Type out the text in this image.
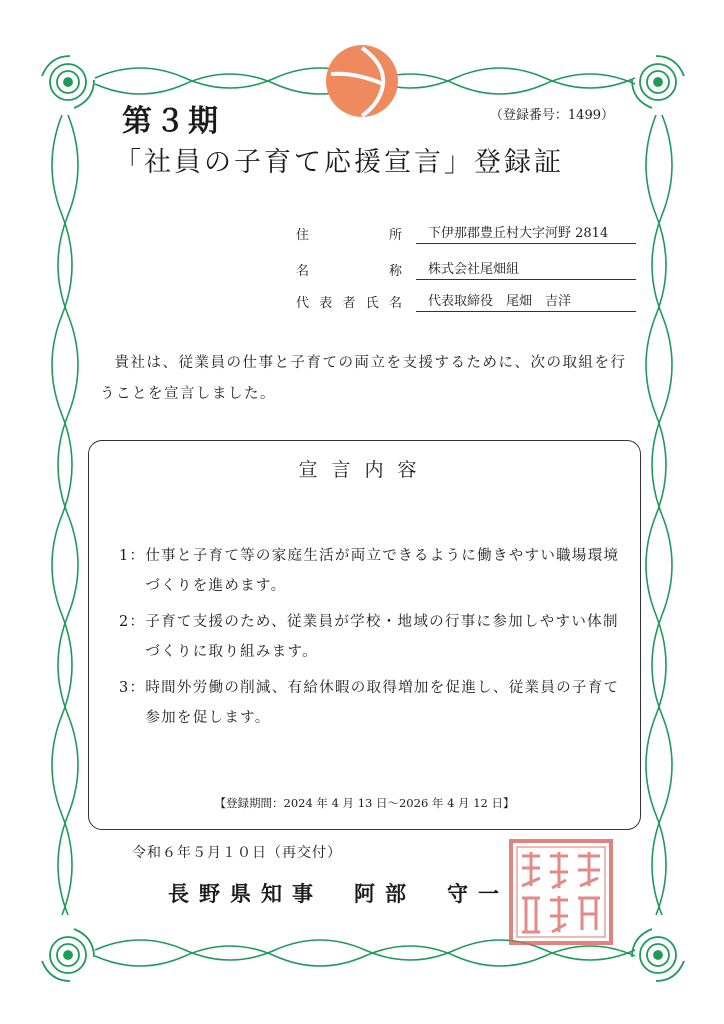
第３期	（登録番号：1499）
「社員の子育て応援宣言」登録証
住	所	下伊那郡豊丘村大字河野 2814
名	称	株式会社尾畑組
代 表 者 氏 名	代表取締役　尾畑　吉洋
貴社は、従業員の仕事と子育ての両立を支援するために、次の取組を行うことを宣言しました。
宣言内容
1： 仕事と子育て等の家庭生活が両立できるように働きやすい職場環境づくりを進めます。
2： 子育て支援のため、従業員が学校・地域の行事に参加しやすい体制づくりに取り組みます。
3： 時間外労働の削減、有給休暇の取得増加を促進し、従業員の子育て参加を促します。
【登録期間：2024 年 4 月 13 日～2026 年 4 月 12 日】
令和６年５月１０日（再交付）
長野県知事　阿部　守一
